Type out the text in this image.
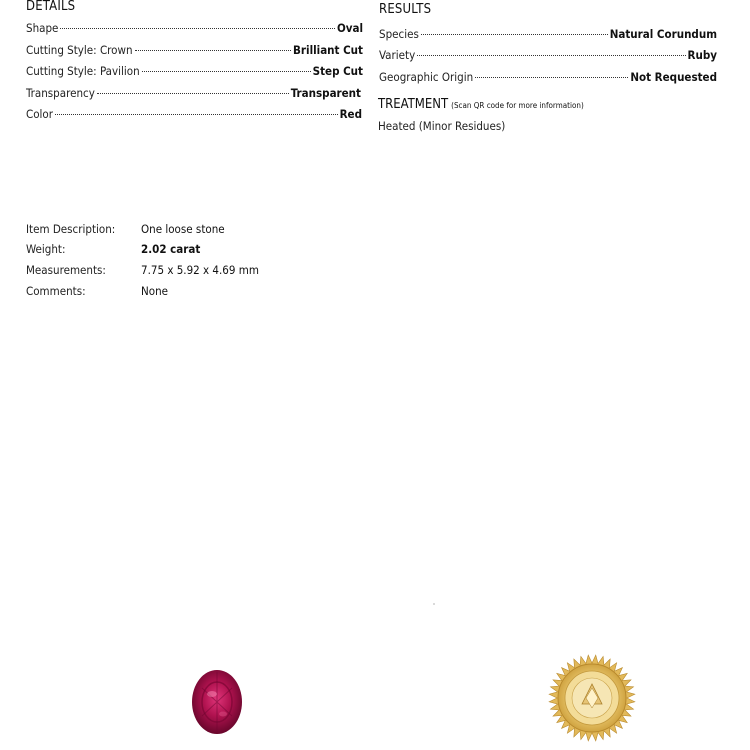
DETAILS
Shape	Oval
Cutting Style: Crown	Brilliant Cut
Cutting Style: Pavilion	Step Cut
Transparency	Transparent
Color	Red
RESULTS
Species	Natural Corundum
Variety	Ruby
Geographic Origin	Not Requested
TREATMENT (Scan QR code for more information)
Heated (Minor Residues)
Item Description: One loose stone
Weight:	2.02 carat
Measurements:	7.75 x 5.92 x 4.69 mm
Comments:	None
